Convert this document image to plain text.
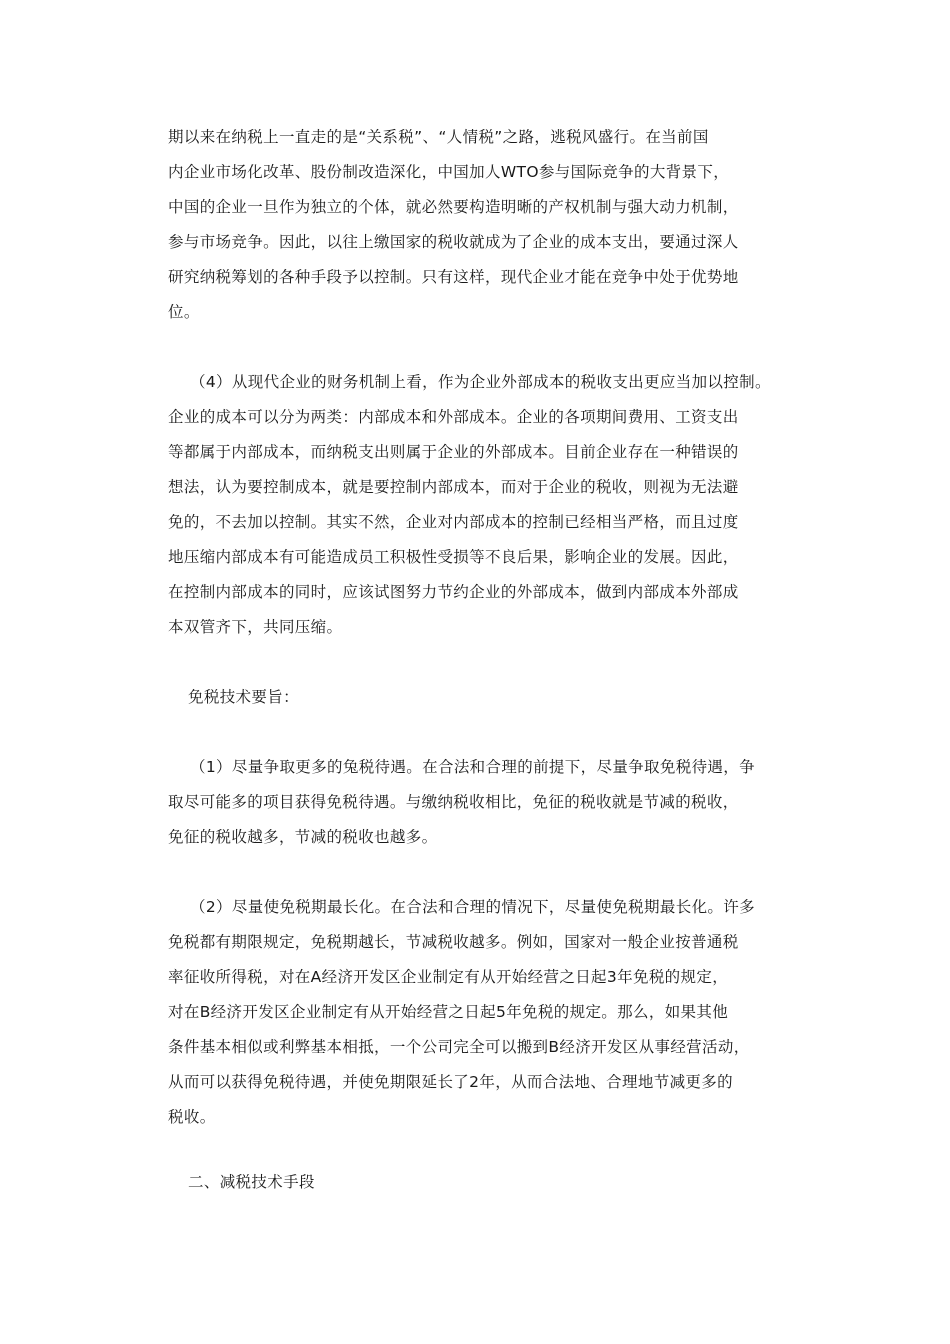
期以来在纳税上一直走的是“关系税”、“人情税”之路，逃税风盛行。在当前国
内企业市场化改革、股份制改造深化，中国加人WTO参与国际竞争的大背景下，
中国的企业一旦作为独立的个体，就必然要构造明晰的产权机制与强大动力机制，
参与市场竞争。因此，以往上缴国家的税收就成为了企业的成本支出，要通过深人
研究纳税筹划的各种手段予以控制。只有这样，现代企业才能在竞争中处于优势地
位。
（4）从现代企业的财务机制上看，作为企业外部成本的税收支出更应当加以控制。
企业的成本可以分为两类：内部成本和外部成本。企业的各项期间费用、工资支出
等都属于内部成本，而纳税支出则属于企业的外部成本。目前企业存在一种错误的
想法，认为要控制成本，就是要控制内部成本，而对于企业的税收，则视为无法避
免的，不去加以控制。其实不然，企业对内部成本的控制已经相当严格，而且过度
地压缩内部成本有可能造成员工积极性受损等不良后果，影响企业的发展。因此，
在控制内部成本的同时，应该试图努力节约企业的外部成本，做到内部成本外部成
本双管齐下，共同压缩。
免税技术要旨：
（1）尽量争取更多的兔税待遇。在合法和合理的前提下，尽量争取免税待遇，争
取尽可能多的项目获得免税待遇。与缴纳税收相比，免征的税收就是节减的税收，
免征的税收越多，节减的税收也越多。
（2）尽量使免税期最长化。在合法和合理的情况下，尽量使免税期最长化。许多
免税都有期限规定，免税期越长，节减税收越多。例如，国家对一般企业按普通税
率征收所得税，对在A经济开发区企业制定有从开始经营之日起3年免税的规定，
对在B经济开发区企业制定有从开始经营之日起5年免税的规定。那么，如果其他
条件基本相似或利弊基本相抵，一个公司完全可以搬到B经济开发区从事经营活动，
从而可以获得免税待遇，并使免期限延长了2年，从而合法地、合理地节减更多的
税收。
二、减税技术手段
